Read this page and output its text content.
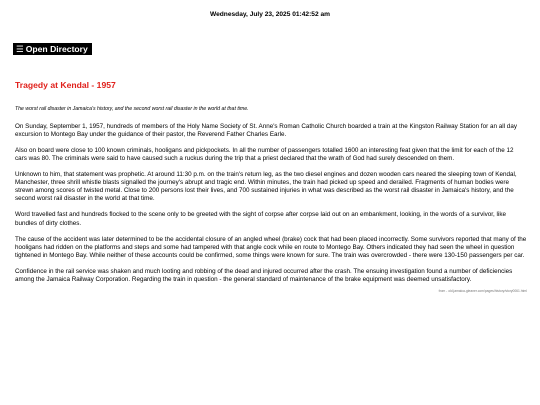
Wednesday, July 23, 2025 01:42:52 am
☰ Open Directory
Tragedy at Kendal - 1957

The worst rail disaster in Jamaica's history, and the second worst rail disaster in the world at that time.

On Sunday, September 1, 1957, hundreds of members of the Holy Name Society of St. Anne's Roman Catholic Church boarded a train at the Kingston Railway Station for an all day excursion to Montego Bay under the guidance of their pastor, the Reverend Father Charles Earle.

Also on board were close to 100 known criminals, hooligans and pickpockets. In all the number of passengers totalled 1600 an interesting feat given that the limit for each of the 12 cars was 80. The criminals were said to have caused such a ruckus during the trip that a priest declared that the wrath of God had surely descended on them.

Unknown to him, that statement was prophetic. At around 11:30 p.m. on the train's return leg, as the two diesel engines and dozen wooden cars neared the sleeping town of Kendal, Manchester, three shrill whistle blasts signalled the journey's abrupt and tragic end. Within minutes, the train had picked up speed and derailed. Fragments of human bodies were strewn among scores of twisted metal. Close to 200 persons lost their lives, and 700 sustained injuries in what was described as the worst rail disaster in Jamaica's history, and the second worst rail disaster in the world at that time.

Word travelled fast and hundreds flocked to the scene only to be greeted with the sight of corpse after corpse laid out on an embankment, looking, in the words of a survivor, like bundles of dirty clothes.

The cause of the accident was later determined to be the accidental closure of an angled wheel (brake) cock that had been placed incorrectly. Some survivors reported that many of the hooligans had ridden on the platforms and steps and some had tampered with that angle cock while en route to Montego Bay. Others indicated they had seen the wheel in question tightened in Montego Bay. While neither of these accounts could be confirmed, some things were known for sure. The train was overcrowded - there were 130-150 passengers per car.

Confidence in the rail service was shaken and much looting and robbing of the dead and injured occurred after the crash. The ensuing investigation found a number of deficiencies among the Jamaica Railway Corporation. Regarding the train in question - the general standard of maintenance of the brake equipment was deemed unsatisfactory.

from - old.jamaica-gleaner.com/pages/history/story0061.html
